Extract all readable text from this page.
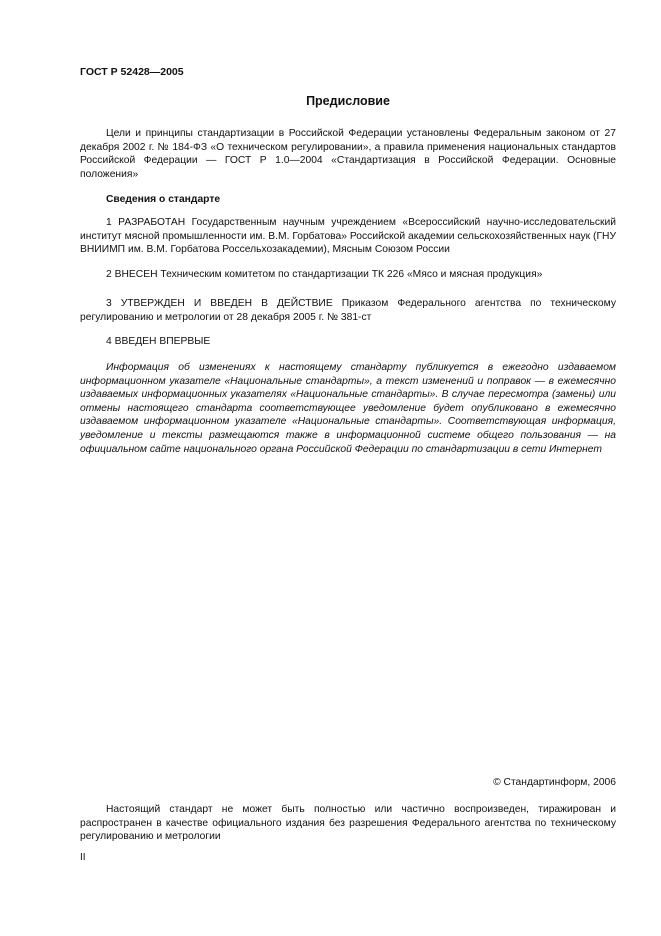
ГОСТ Р 52428—2005
Предисловие

Цели и принципы стандартизации в Российской Федерации установлены Федеральным законом от 27 декабря 2002 г. № 184-ФЗ «О техническом регулировании», а правила применения национальных стандартов Российской Федерации — ГОСТ Р 1.0—2004 «Стандартизация в Российской Федерации. Основные положения»

Сведения о стандарте

1 РАЗРАБОТАН Государственным научным учреждением «Всероссийский научно-исследовательский институт мясной промышленности им. В.М. Горбатова» Российской академии сельскохозяйственных наук (ГНУ ВНИИМП им. В.М. Горбатова Россельхозакадемии), Мясным Союзом России

2 ВНЕСЕН Техническим комитетом по стандартизации ТК 226 «Мясо и мясная продукция»

3 УТВЕРЖДЕН И ВВЕДЕН В ДЕЙСТВИЕ Приказом Федерального агентства по техническому регулированию и метрологии от 28 декабря 2005 г. № 381-ст

4 ВВЕДЕН ВПЕРВЫЕ

Информация об изменениях к настоящему стандарту публикуется в ежегодно издаваемом информационном указателе «Национальные стандарты», а текст изменений и поправок — в ежемесячно издаваемых информационных указателях «Национальные стандарты». В случае пересмотра (замены) или отмены настоящего стандарта соответствующее уведомление будет опубликовано в ежемесячно издаваемом информационном указателе «Национальные стандарты». Соответствующая информация, уведомление и тексты размещаются также в информационной системе общего пользования — на официальном сайте национального органа Российской Федерации по стандартизации в сети Интернет

© Стандартинформ, 2006

Настоящий стандарт не может быть полностью или частично воспроизведен, тиражирован и распространен в качестве официального издания без разрешения Федерального агентства по техническому регулированию и метрологии

II
